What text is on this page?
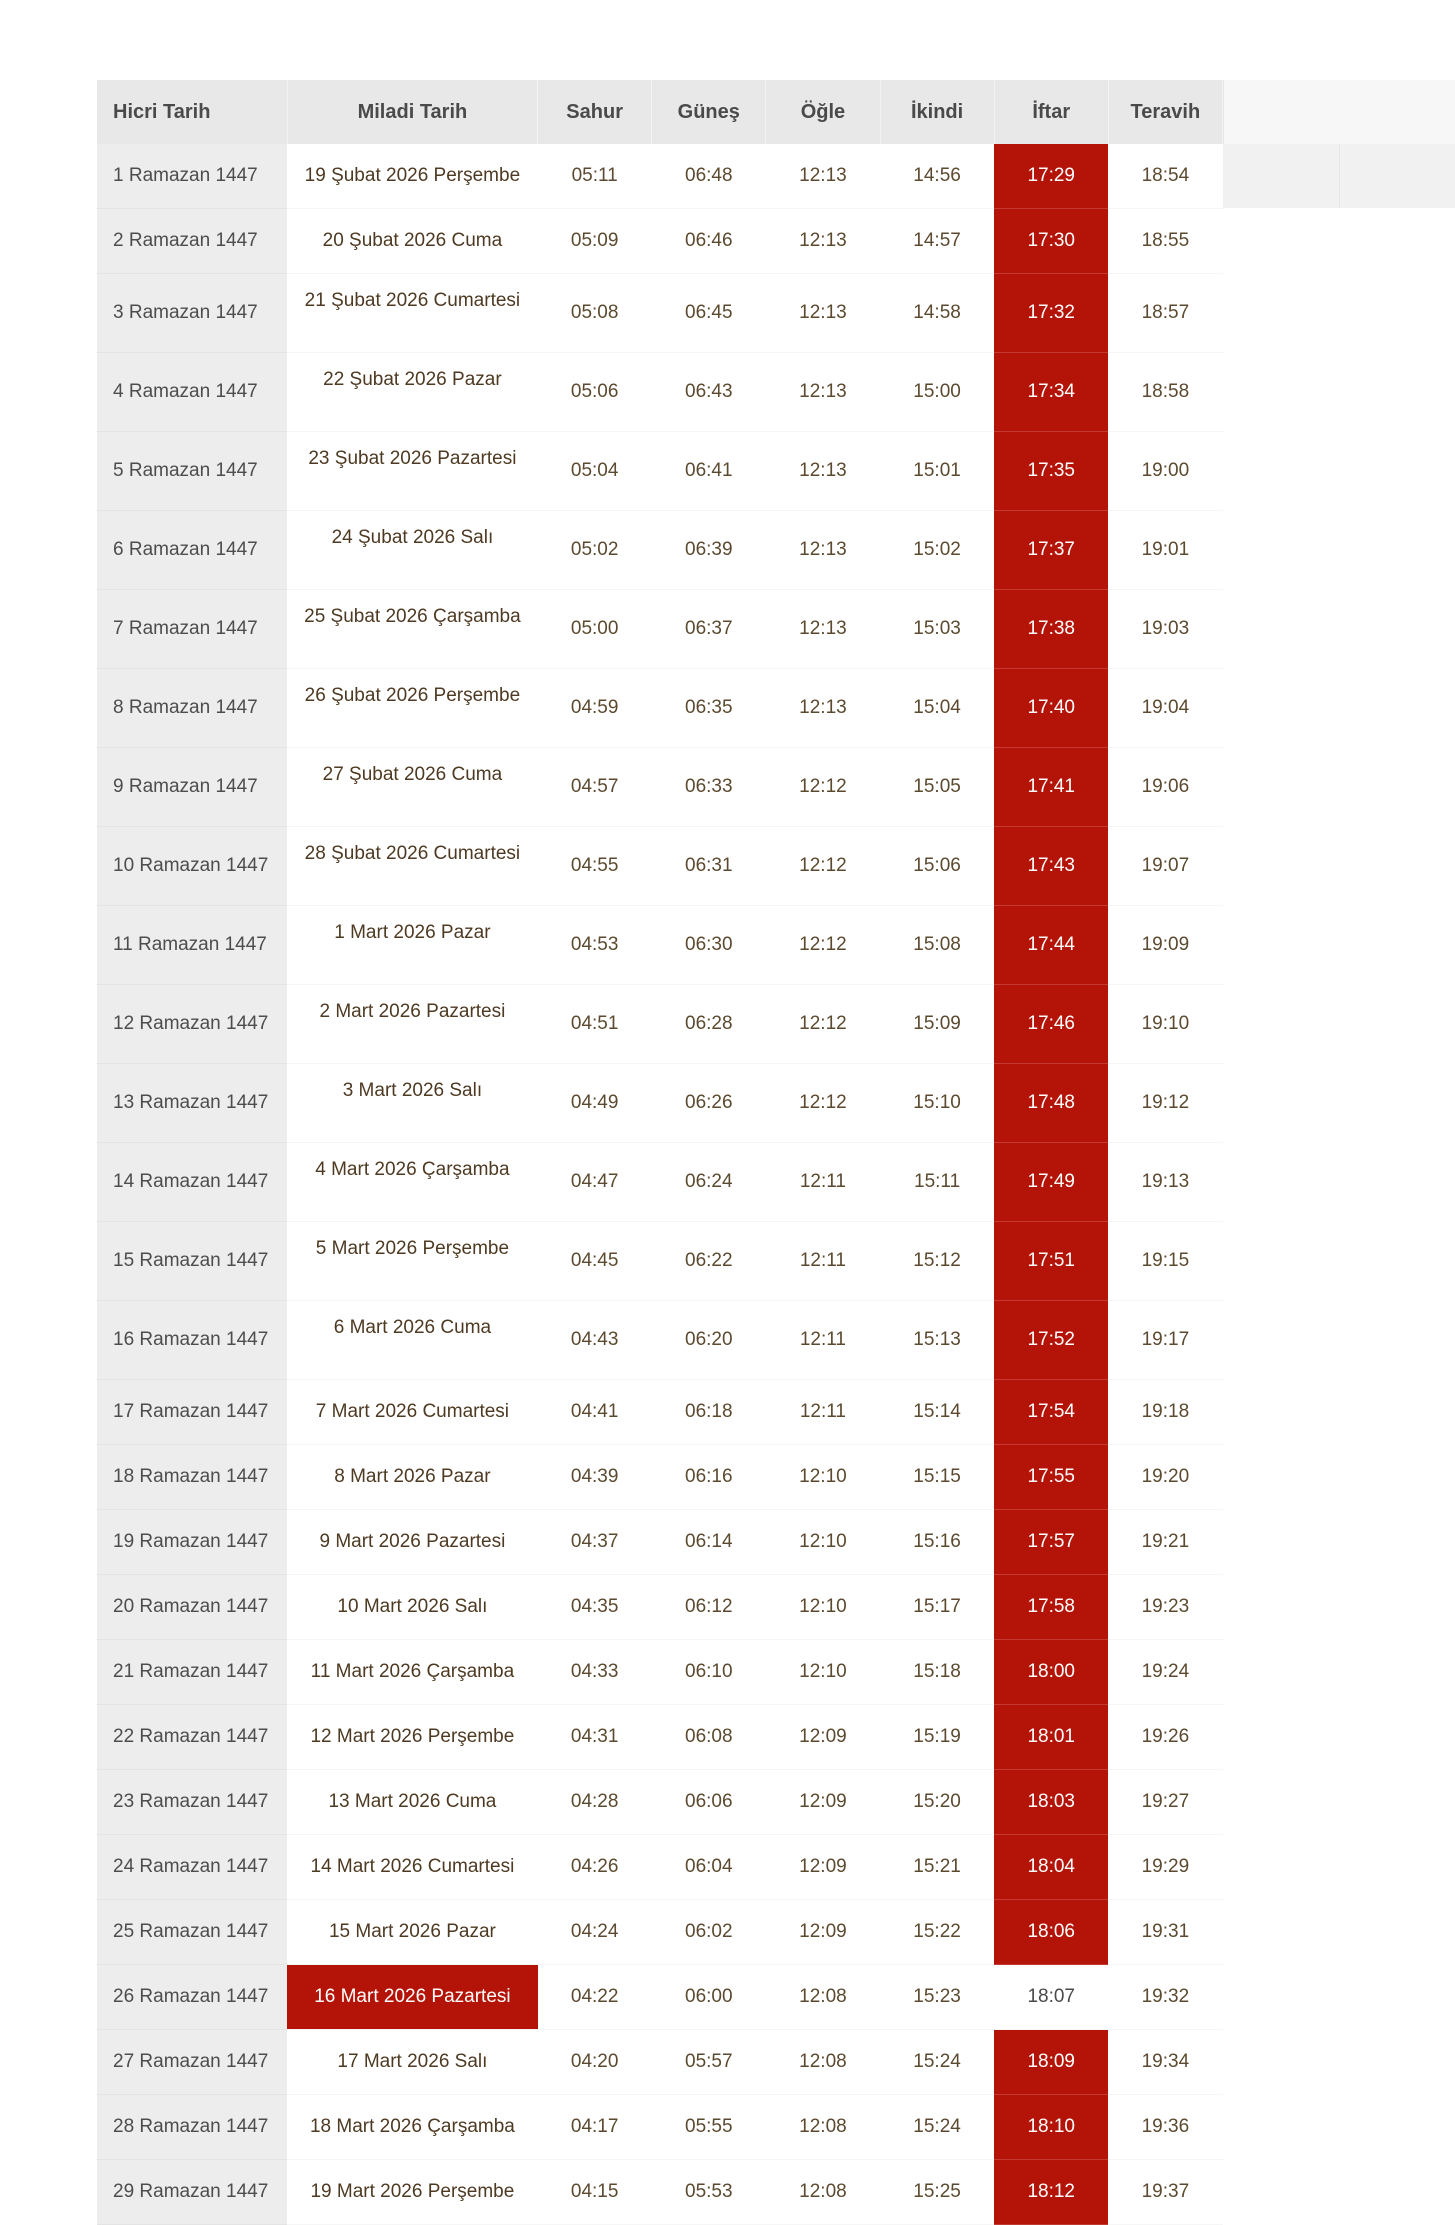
Hicri Tarih	Miladi Tarih	Sahur	Güneş	Öğle	İkindi	İftar	Teravih
1 Ramazan 1447	19 Şubat 2026 Perşembe	05:11	06:48	12:13	14:56	17:29	18:54
2 Ramazan 1447	20 Şubat 2026 Cuma	05:09	06:46	12:13	14:57	17:30	18:55
3 Ramazan 1447	21 Şubat 2026 Cumartesi	05:08	06:45	12:13	14:58	17:32	18:57
4 Ramazan 1447	22 Şubat 2026 Pazar	05:06	06:43	12:13	15:00	17:34	18:58
5 Ramazan 1447	23 Şubat 2026 Pazartesi	05:04	06:41	12:13	15:01	17:35	19:00
6 Ramazan 1447	24 Şubat 2026 Salı	05:02	06:39	12:13	15:02	17:37	19:01
7 Ramazan 1447	25 Şubat 2026 Çarşamba	05:00	06:37	12:13	15:03	17:38	19:03
8 Ramazan 1447	26 Şubat 2026 Perşembe	04:59	06:35	12:13	15:04	17:40	19:04
9 Ramazan 1447	27 Şubat 2026 Cuma	04:57	06:33	12:12	15:05	17:41	19:06
10 Ramazan 1447	28 Şubat 2026 Cumartesi	04:55	06:31	12:12	15:06	17:43	19:07
11 Ramazan 1447	1 Mart 2026 Pazar	04:53	06:30	12:12	15:08	17:44	19:09
12 Ramazan 1447	2 Mart 2026 Pazartesi	04:51	06:28	12:12	15:09	17:46	19:10
13 Ramazan 1447	3 Mart 2026 Salı	04:49	06:26	12:12	15:10	17:48	19:12
14 Ramazan 1447	4 Mart 2026 Çarşamba	04:47	06:24	12:11	15:11	17:49	19:13
15 Ramazan 1447	5 Mart 2026 Perşembe	04:45	06:22	12:11	15:12	17:51	19:15
16 Ramazan 1447	6 Mart 2026 Cuma	04:43	06:20	12:11	15:13	17:52	19:17
17 Ramazan 1447	7 Mart 2026 Cumartesi	04:41	06:18	12:11	15:14	17:54	19:18
18 Ramazan 1447	8 Mart 2026 Pazar	04:39	06:16	12:10	15:15	17:55	19:20
19 Ramazan 1447	9 Mart 2026 Pazartesi	04:37	06:14	12:10	15:16	17:57	19:21
20 Ramazan 1447	10 Mart 2026 Salı	04:35	06:12	12:10	15:17	17:58	19:23
21 Ramazan 1447	11 Mart 2026 Çarşamba	04:33	06:10	12:10	15:18	18:00	19:24
22 Ramazan 1447	12 Mart 2026 Perşembe	04:31	06:08	12:09	15:19	18:01	19:26
23 Ramazan 1447	13 Mart 2026 Cuma	04:28	06:06	12:09	15:20	18:03	19:27
24 Ramazan 1447	14 Mart 2026 Cumartesi	04:26	06:04	12:09	15:21	18:04	19:29
25 Ramazan 1447	15 Mart 2026 Pazar	04:24	06:02	12:09	15:22	18:06	19:31
26 Ramazan 1447	16 Mart 2026 Pazartesi	04:22	06:00	12:08	15:23	18:07	19:32
27 Ramazan 1447	17 Mart 2026 Salı	04:20	05:57	12:08	15:24	18:09	19:34
28 Ramazan 1447	18 Mart 2026 Çarşamba	04:17	05:55	12:08	15:24	18:10	19:36
29 Ramazan 1447	19 Mart 2026 Perşembe	04:15	05:53	12:08	15:25	18:12	19:37
